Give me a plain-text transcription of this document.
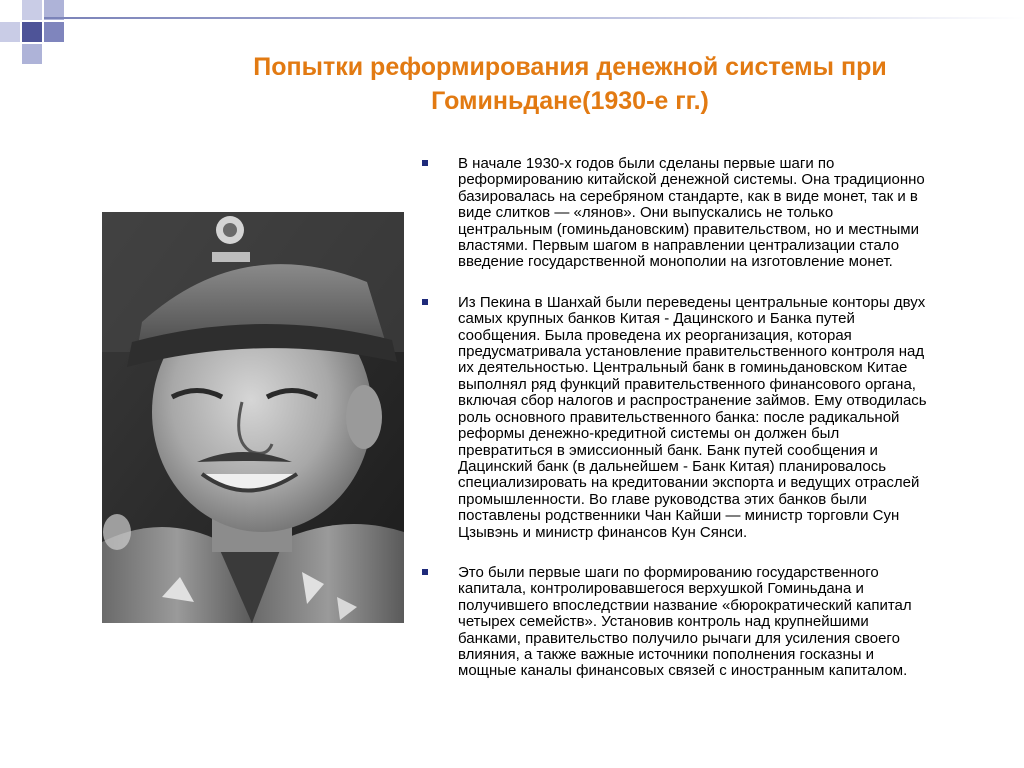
Попытки реформирования денежной системы при
Гоминьдане(1930-е гг.)
В начале 1930-х годов были сделаны первые шаги по
реформированию китайской денежной системы. Она традиционно
базировалась на серебряном стандарте, как в виде монет, так и в
виде слитков — «лянов». Они выпускались не только
центральным (гоминьдановским) правительством, но и местными
властями. Первым шагом в направлении централизации стало
введение государственной монополии на изготовление монет.
Из Пекина в Шанхай были переведены центральные конторы двух
самых крупных банков Китая - Дацинского и Банка путей
сообщения. Была проведена их реорганизация, которая
предусматривала установление правительственного контроля над
их деятельностью. Центральный банк в гоминьдановском Китае
выполнял ряд функций правительственного финансового органа,
включая сбор налогов и распространение займов. Ему отводилась
роль основного правительственного банка: после радикальной
реформы денежно-кредитной системы он должен был
превратиться в эмиссионный банк. Банк путей сообщения и
Дацинский банк (в дальнейшем - Банк Китая) планировалось
специализировать на кредитовании экспорта и ведущих отраслей
промышленности. Во главе руководства этих банков были
поставлены родственники Чан Кайши — министр торговли Сун
Цзывэнь и министр финансов Кун Сянси.
Это были первые шаги по формированию государственного
капитала, контролировавшегося верхушкой Гоминьдана и
получившего впоследствии название «бюрократический капитал
четырех семейств». Установив контроль над крупнейшими
банками, правительство получило рычаги для усиления своего
влияния, а также важные источники пополнения госказны и
мощные каналы финансовых связей с иностранным капиталом.
